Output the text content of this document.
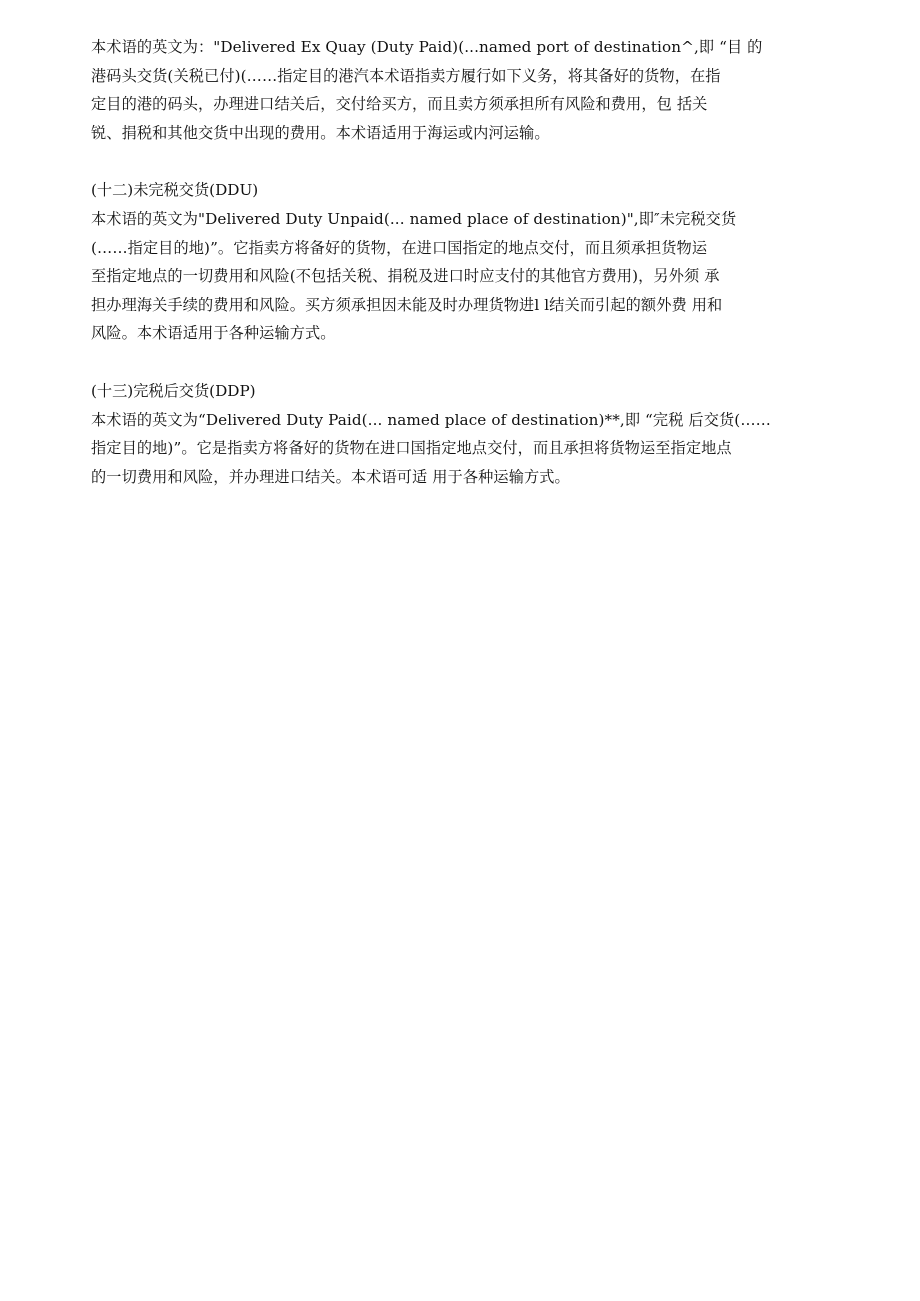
本术语的英文为："Delivered Ex Quay (Duty Paid)(...named port of destination^,即 “目 的
港码头交货(关税已付)(……指定目的港汽本术语指卖方履行如下义务，将其备好的货物，在指
定目的港的码头，办理进口结关后，交付给买方，而且卖方须承担所有风险和费用，包 括关
锐、捐税和其他交货中出现的费用。本术语适用于海运或内河运输。
(十二)未完税交货(DDU)
本术语的英文为"Delivered Duty Unpaid(... named place of destination)",即″未完税交货
(……指定目的地)”。它指卖方将备好的货物，在进口国指定的地点交付，而且须承担货物运
至指定地点的一切费用和风险(不包括关税、捐税及进口时应支付的其他官方费用)，另外须 承
担办理海关手续的费用和风险。买方须承担因未能及时办理货物进l l结关而引起的额外费 用和
风险。本术语适用于各种运输方式。
(十三)完税后交货(DDP)
本术语的英文为“Delivered Duty Paid(... named place of destination)**,即 “完税 后交货(……
指定目的地)”。它是指卖方将备好的货物在进口国指定地点交付，而且承担将货物运至指定地点
的一切费用和风险，并办理进口结关。本术语可适 用于各种运输方式。
